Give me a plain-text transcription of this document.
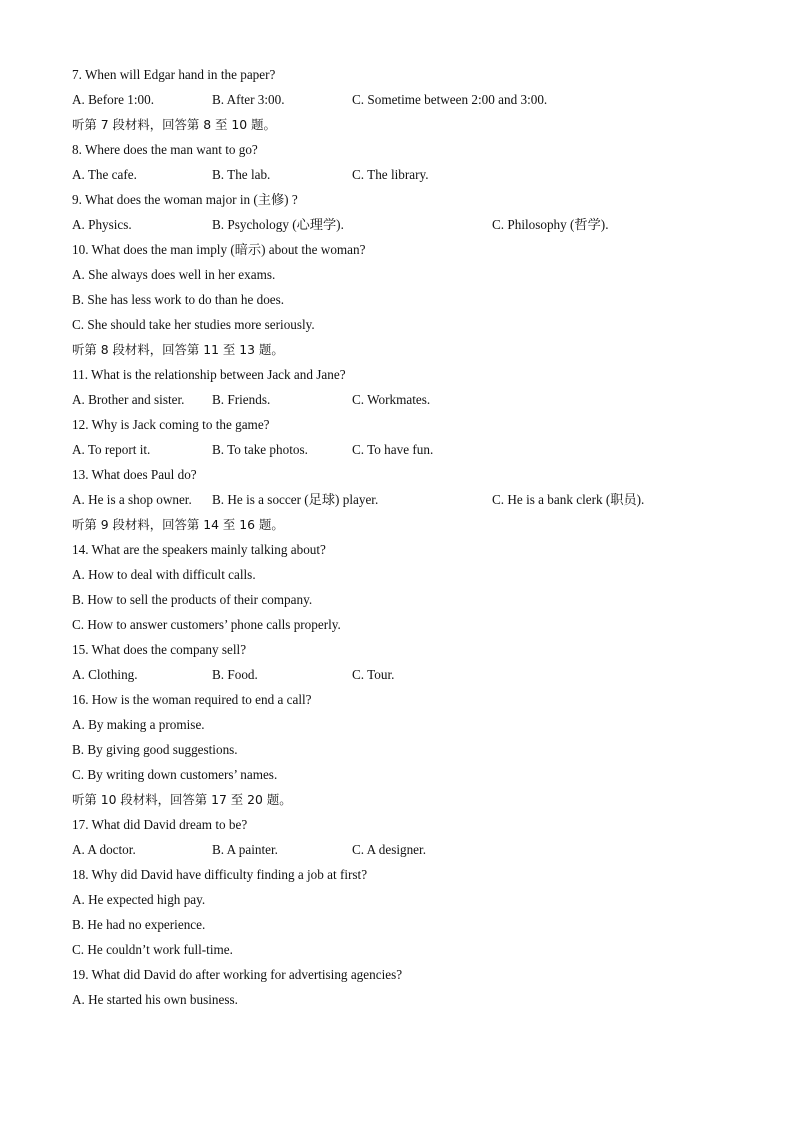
7. When will Edgar hand in the paper?
A. Before 1:00.	B. After 3:00.	C. Sometime between 2:00 and 3:00.
听第 7 段材料，回答第 8 至 10 题。
8. Where does the man want to go?
A. The cafe.	B. The lab.	C. The library.
9. What does the woman major in (主修) ?
A. Physics.	B. Psychology (心理学).	C. Philosophy (哲学).
10. What does the man imply (暗示) about the woman?
A. She always does well in her exams.
B. She has less work to do than he does.
C. She should take her studies more seriously.
听第 8 段材料，回答第 11 至 13 题。
11. What is the relationship between Jack and Jane?
A. Brother and sister. B. Friends.	C. Workmates.
12. Why is Jack coming to the game?
A. To report it.	B. To take photos.	C. To have fun.
13. What does Paul do?
A. He is a shop owner. B. He is a soccer (足球) player.	C. He is a bank clerk (职员).
听第 9 段材料，回答第 14 至 16 题。
14. What are the speakers mainly talking about?
A. How to deal with difficult calls.
B. How to sell the products of their company.
C. How to answer customers’ phone calls properly.
15. What does the company sell?
A. Clothing.	B. Food.	C. Tour.
16. How is the woman required to end a call?
A. By making a promise.
B. By giving good suggestions.
C. By writing down customers’ names.
听第 10 段材料，回答第 17 至 20 题。
17. What did David dream to be?
A. A doctor.	B. A painter.	C. A designer.
18. Why did David have difficulty finding a job at first?
A. He expected high pay.
B. He had no experience.
C. He couldn’t work full-time.
19. What did David do after working for advertising agencies?
A. He started his own business.
